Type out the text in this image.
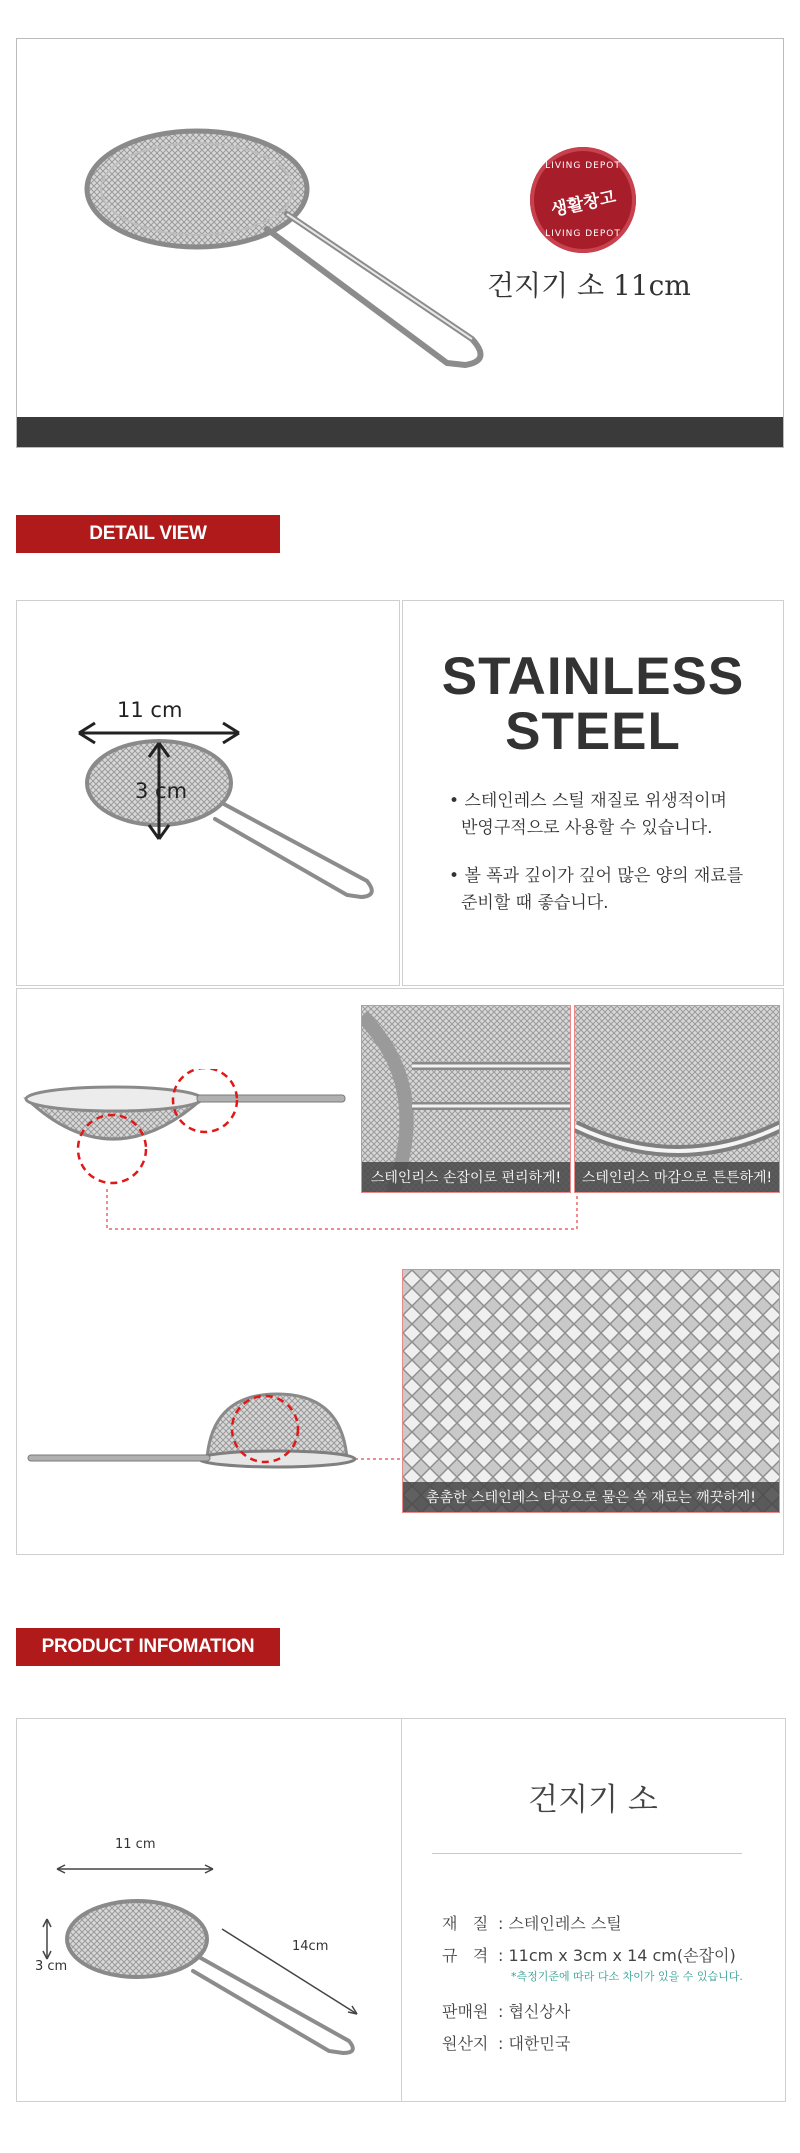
LIVING DEPOT
생활창고
LIVING DEPOT
건지기 소 11cm
DETAIL VIEW
11 cm
3 cm
STAINLESS
STEEL
• 스테인레스 스틸 재질로 위생적이며
반영구적으로 사용할 수 있습니다.
• 볼 폭과 깊이가 깊어 많은 양의 재료를
준비할 때 좋습니다.
스테인리스 손잡이로 편리하게!	스테인리스 마감으로 튼튼하게!
촘촘한 스테인레스 타공으로 물은 쏙 재료는 깨끗하게!
PRODUCT INFOMATION
11 cm
3 cm
14cm
건지기 소
재   질 : 스테인레스 스틸
규   격 : 11cm x 3cm x 14 cm(손잡이)
*측정기준에 따라 다소 차이가 있을 수 있습니다.
판매원 : 협신상사
원산지 : 대한민국
